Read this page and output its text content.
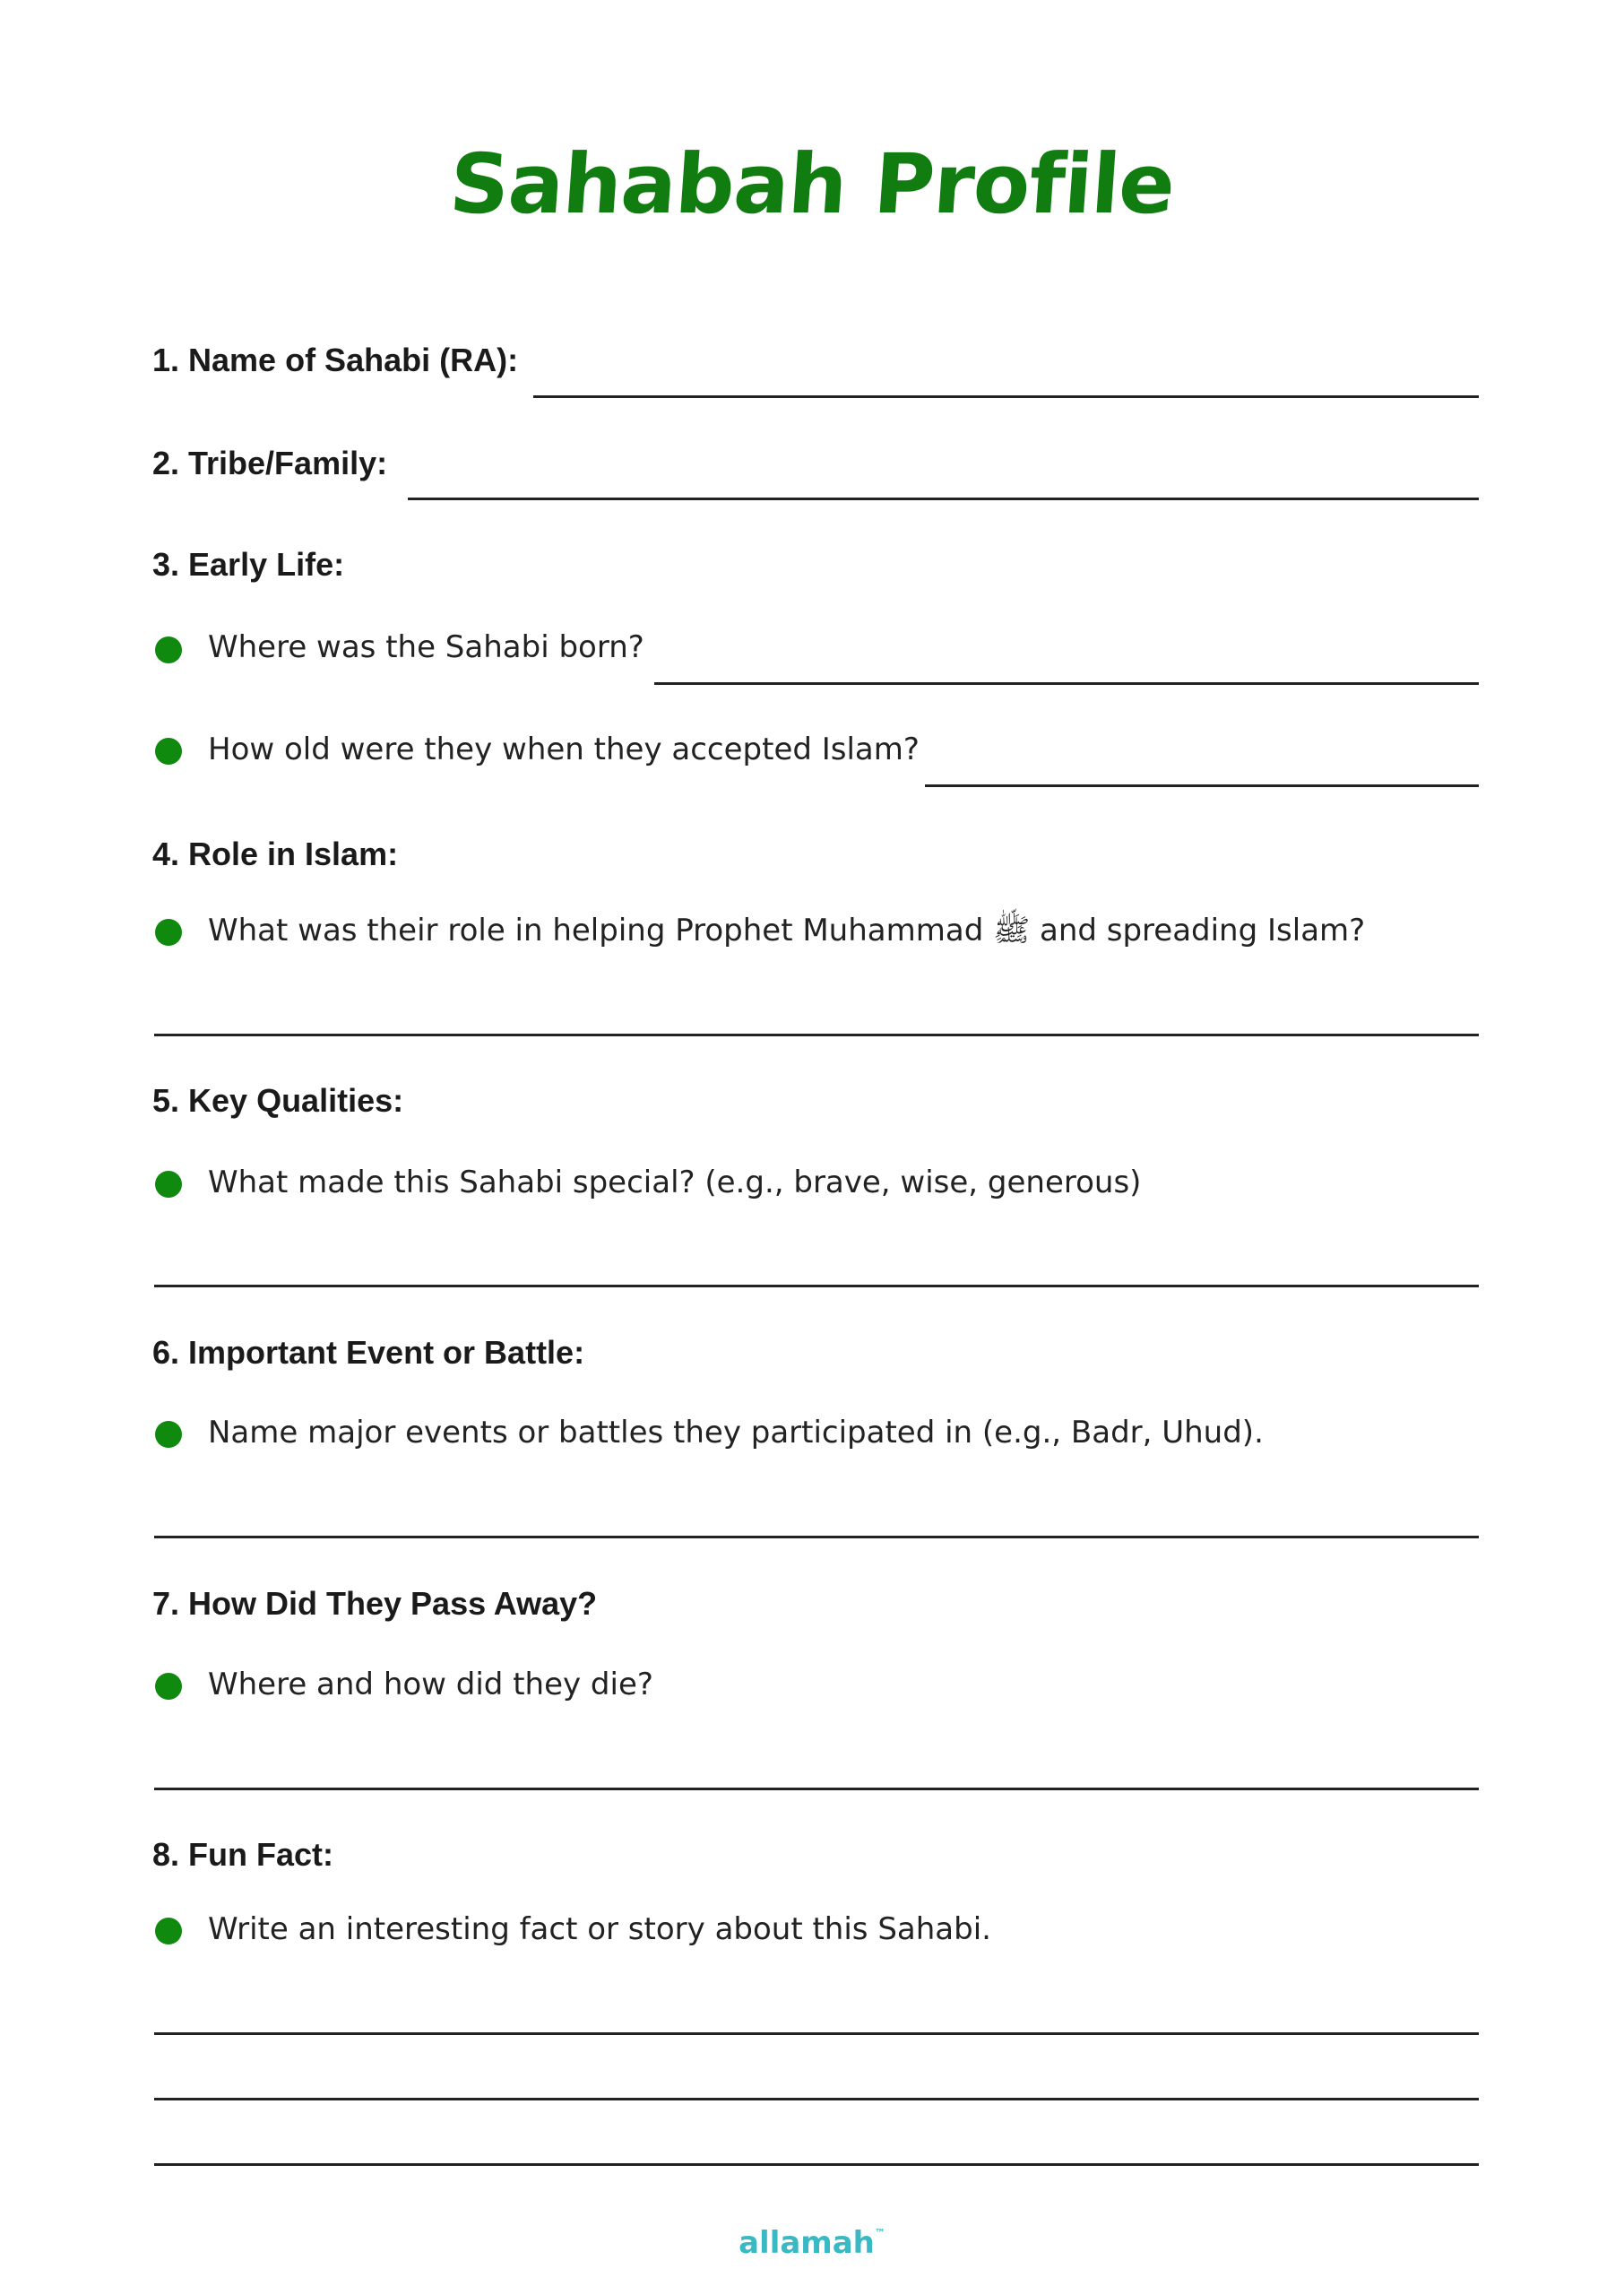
Sahabah Profile
1. Name of Sahabi (RA):
2. Tribe/Family:
3. Early Life:
Where was the Sahabi born?
How old were they when they accepted Islam?
4. Role in Islam:
What was their role in helping Prophet Muhammad ﷺ and spreading Islam?
5. Key Qualities:
What made this Sahabi special? (e.g., brave, wise, generous)
6. Important Event or Battle:
Name major events or battles they participated in (e.g., Badr, Uhud).
7. How Did They Pass Away?
Where and how did they die?
8. Fun Fact:
Write an interesting fact or story about this Sahabi.
allamah™
